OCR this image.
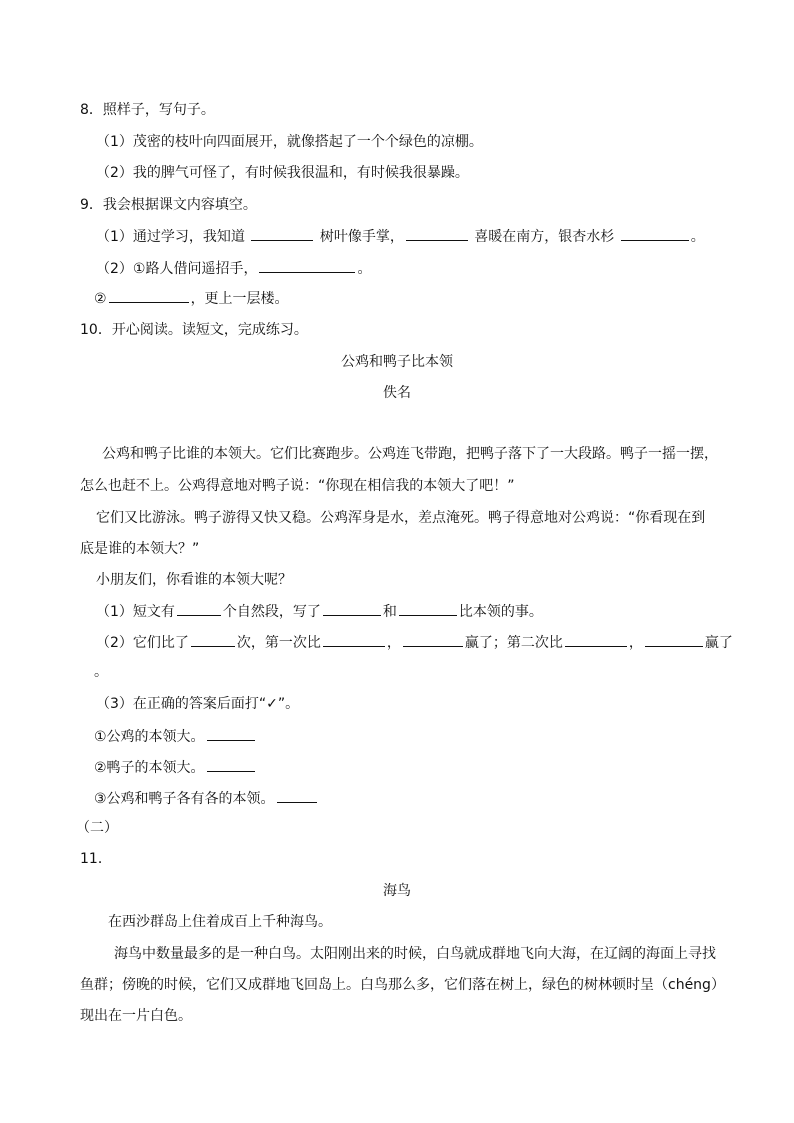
8．照样子，写句子。
（1）茂密的枝叶向四面展开，就像搭起了一个个绿色的凉棚。
（2）我的脾气可怪了，有时候我很温和，有时候我很暴躁。
9．我会根据课文内容填空。
（1）通过学习，我知道	树叶像手掌，	喜暖在南方，银杏水杉	。
（2）①路人借问遥招手，	。
②	，更上一层楼。
10．开心阅读。读短文，完成练习。
公鸡和鸭子比本领
佚名
公鸡和鸭子比谁的本领大。它们比赛跑步。公鸡连飞带跑，把鸭子落下了一大段路。鸭子一摇一摆，
怎么也赶不上。公鸡得意地对鸭子说：“你现在相信我的本领大了吧！”
它们又比游泳。鸭子游得又快又稳。公鸡浑身是水，差点淹死。鸭子得意地对公鸡说：“你看现在到
底是谁的本领大？”
小朋友们，你看谁的本领大呢？
（1）短文有	个自然段，写了	和	比本领的事。
（2）它们比了	次，第一次比	，	赢了；第二次比	，	赢了
。
（3）在正确的答案后面打“✓”。
①公鸡的本领大。
②鸭子的本领大。
③公鸡和鸭子各有各的本领。
（二）
11．
海鸟
在西沙群岛上住着成百上千种海鸟。
海鸟中数量最多的是一种白鸟。太阳刚出来的时候，白鸟就成群地飞向大海，在辽阔的海面上寻找
鱼群；傍晚的时候，它们又成群地飞回岛上。白鸟那么多，它们落在树上，绿色的树林顿时呈（chéng）
现出在一片白色。
